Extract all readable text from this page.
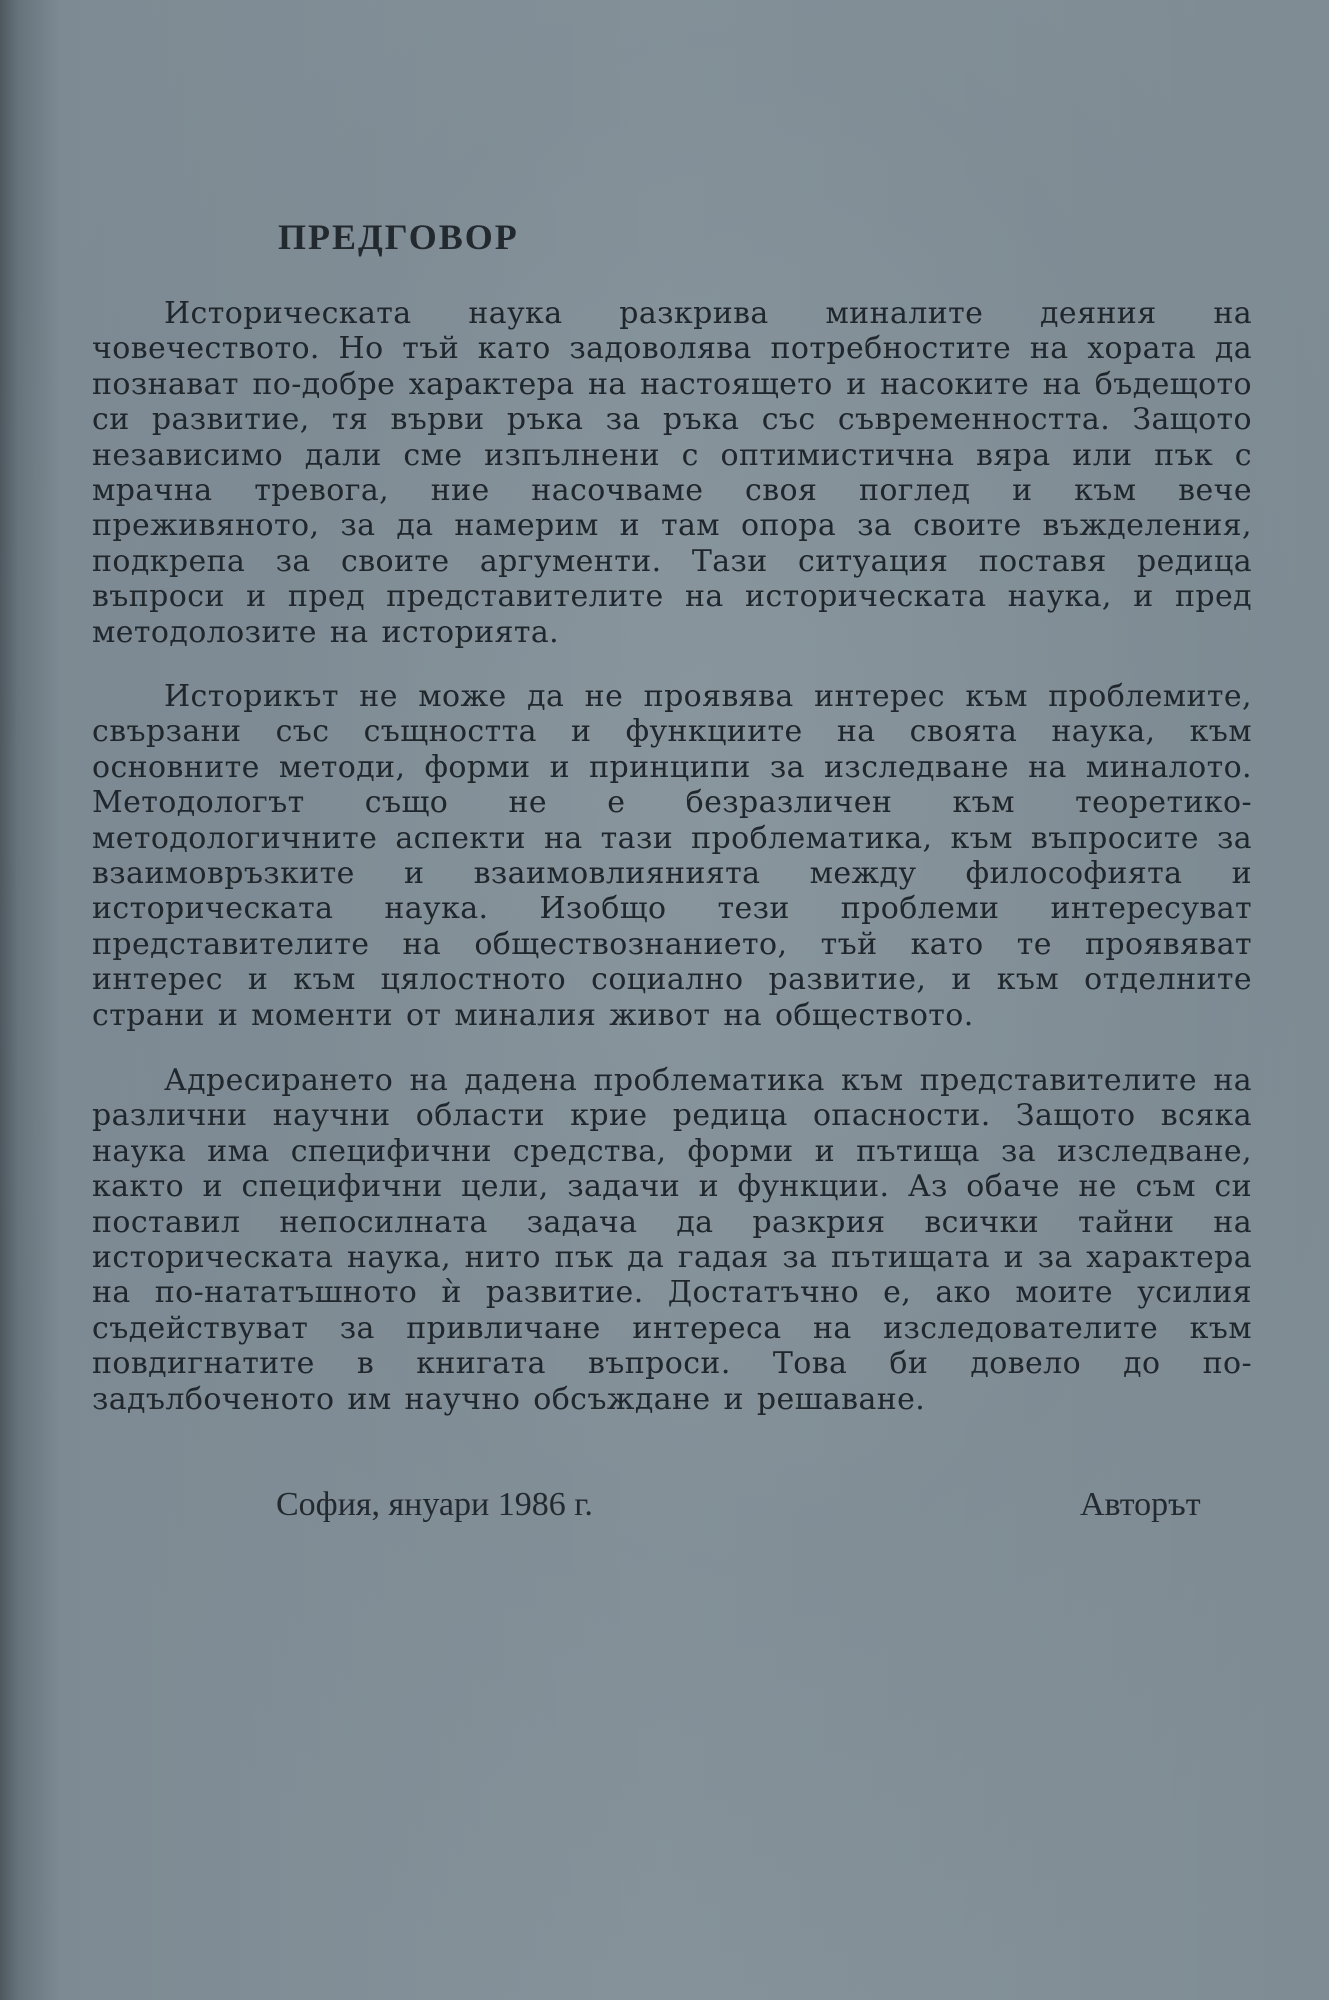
ПРЕДГОВОР

Историческата наука разкрива миналите деяния на човечеството. Но тъй като задоволява потребностите на хората да познават по-добре характера на настоящето и насоките на бъдещото си развитие, тя върви ръка за ръка със съвременността. Защото независимо дали сме изпълнени с оптимистична вяра или пък с мрачна тревога, ние насочваме своя поглед и към вече преживяното, за да намерим и там опора за своите въжделения, подкрепа за своите аргументи. Тази ситуация поставя редица въпроси и пред представителите на историческата наука, и пред методолозите на историята.

Историкът не може да не проявява интерес към проблемите, свързани със същността и функциите на своята наука, към основните методи, форми и принципи за изследване на миналото. Методологът също не е безразличен към теоретико-методологичните аспекти на тази проблематика, към въпросите за взаимовръзките и взаимовлиянията между философията и историческата наука. Изобщо тези проблеми интересуват представителите на обществознанието, тъй като те проявяват интерес и към цялостното социално развитие, и към отделните страни и моменти от миналия живот на обществото.

Адресирането на дадена проблематика към представителите на различни научни области крие редица опасности. Защото всяка наука има специфични средства, форми и пътища за изследване, както и специфични цели, задачи и функции. Аз обаче не съм си поставил непосилната задача да разкрия всички тайни на историческата наука, нито пък да гадая за пътищата и за характера на по-нататъшното ѝ развитие. Достатъчно е, ако моите усилия съдействуват за привличане интереса на изследователите към повдигнатите в книгата въпроси. Това би довело до по-задълбоченото им научно обсъждане и решаване.

София, януари 1986 г.	Авторът
